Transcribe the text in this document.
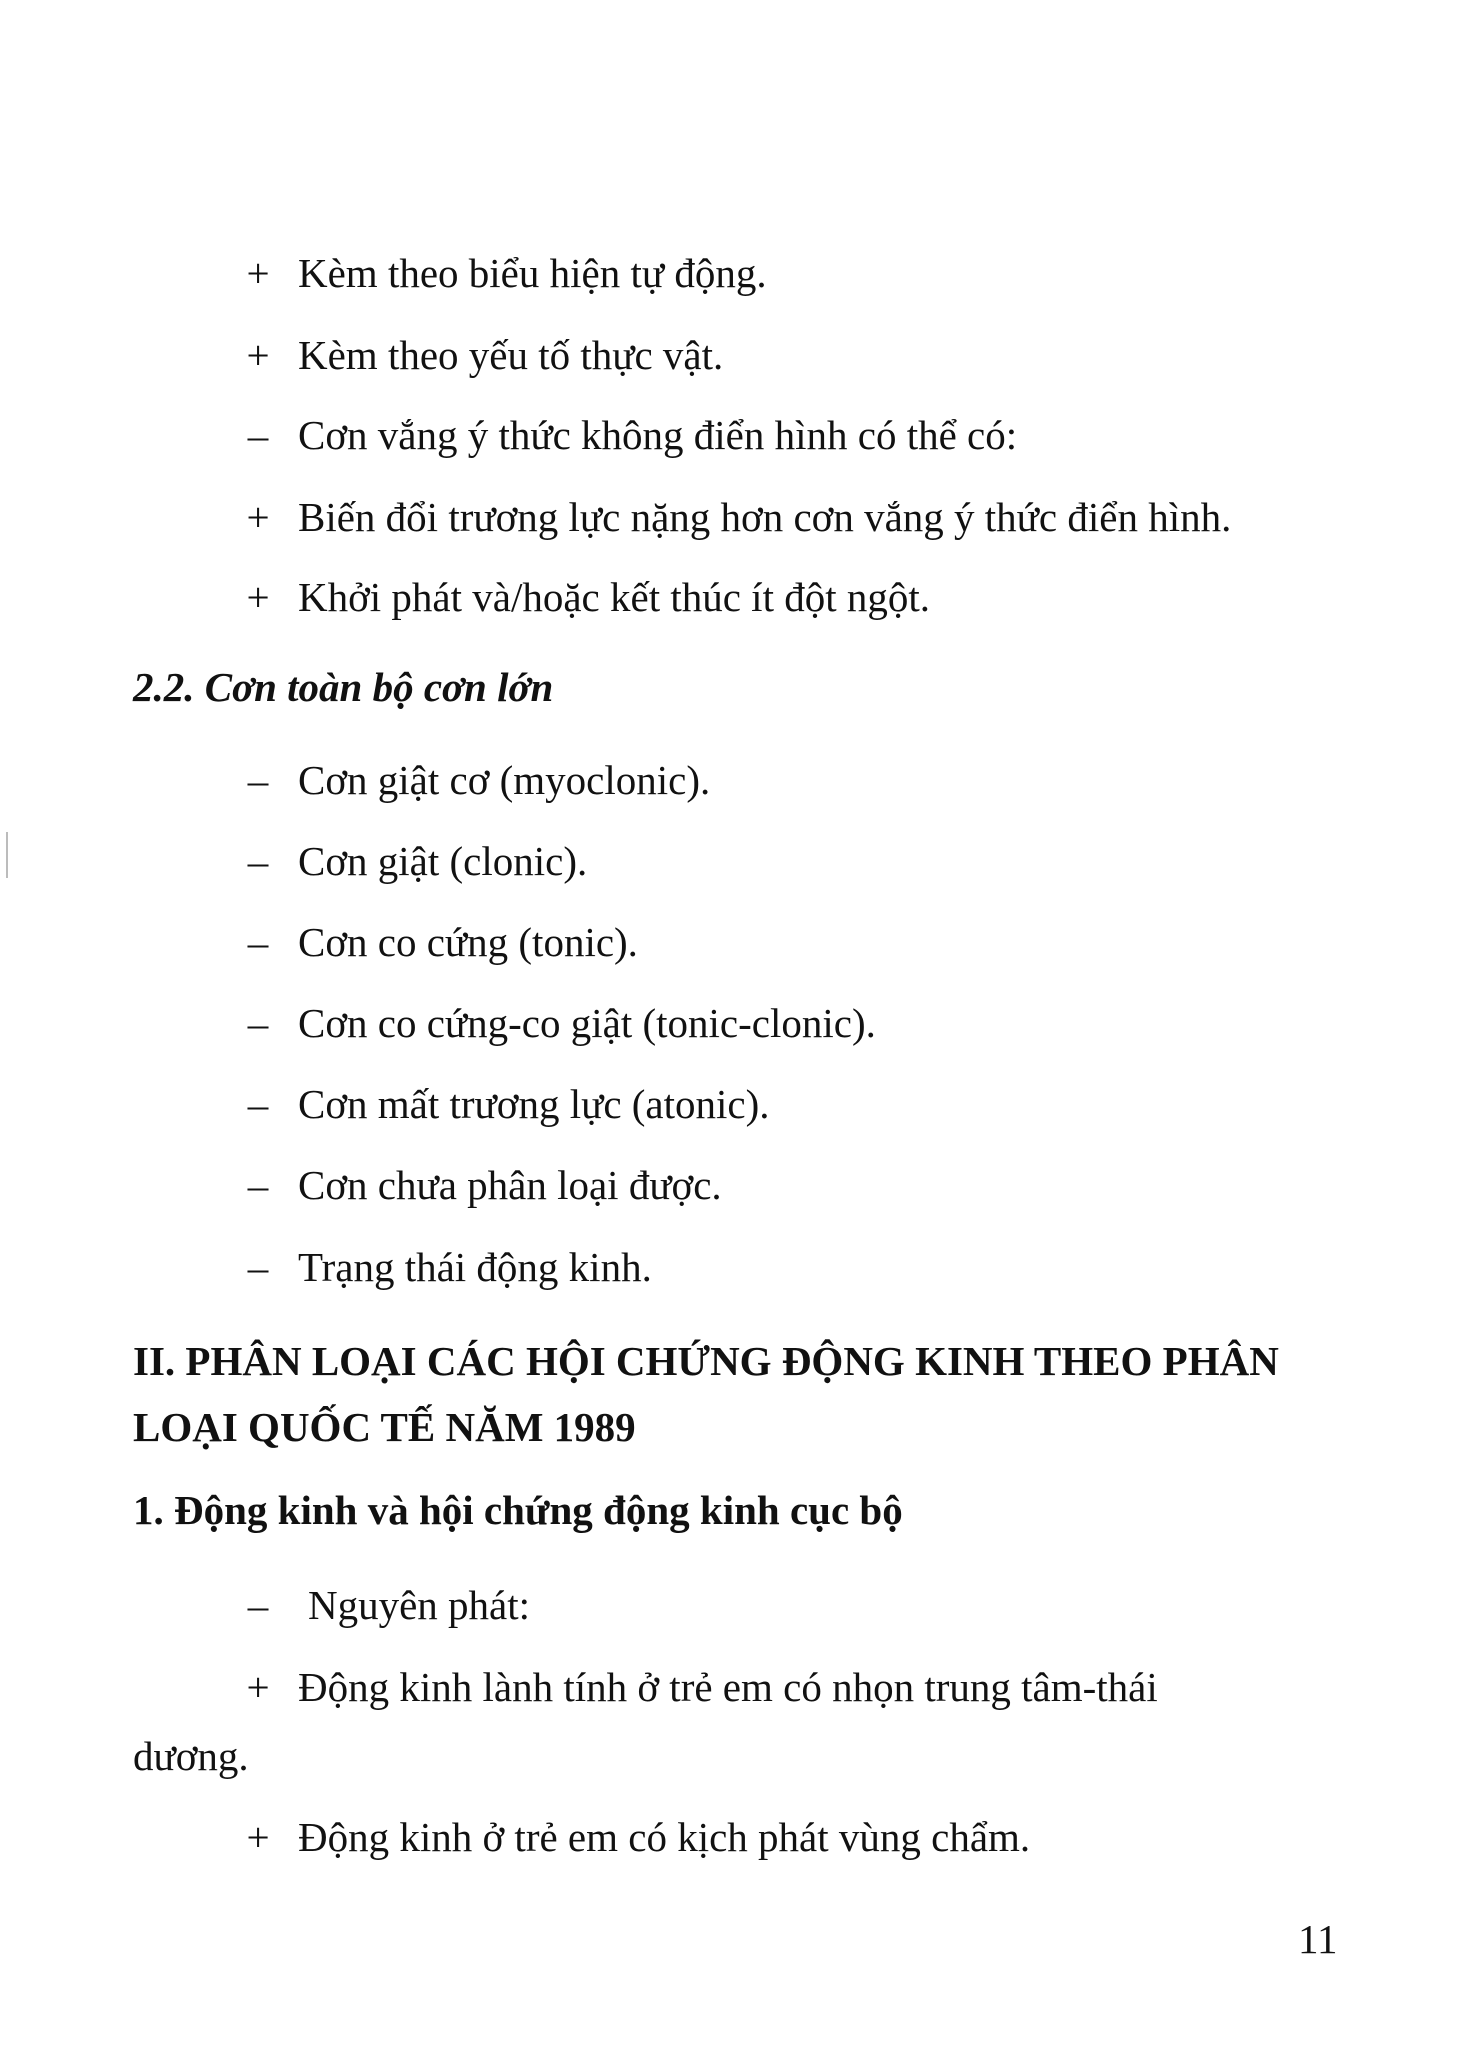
+ Kèm theo biểu hiện tự động.
+ Kèm theo yếu tố thực vật.
– Cơn vắng ý thức không điển hình có thể có:
+ Biến đổi trương lực nặng hơn cơn vắng ý thức điển hình.
+ Khởi phát và/hoặc kết thúc ít đột ngột.
2.2. Cơn toàn bộ cơn lớn
– Cơn giật cơ (myoclonic).
– Cơn giật (clonic).
– Cơn co cứng (tonic).
– Cơn co cứng-co giật (tonic-clonic).
– Cơn mất trương lực (atonic).
– Cơn chưa phân loại được.
– Trạng thái động kinh.
II. PHÂN LOẠI CÁC HỘI CHỨNG ĐỘNG KINH THEO PHÂN LOẠI QUỐC TẾ NĂM 1989
1. Động kinh và hội chứng động kinh cục bộ
– Nguyên phát:
+ Động kinh lành tính ở trẻ em có nhọn trung tâm-thái
dương.
+ Động kinh ở trẻ em có kịch phát vùng chẩm.
11
